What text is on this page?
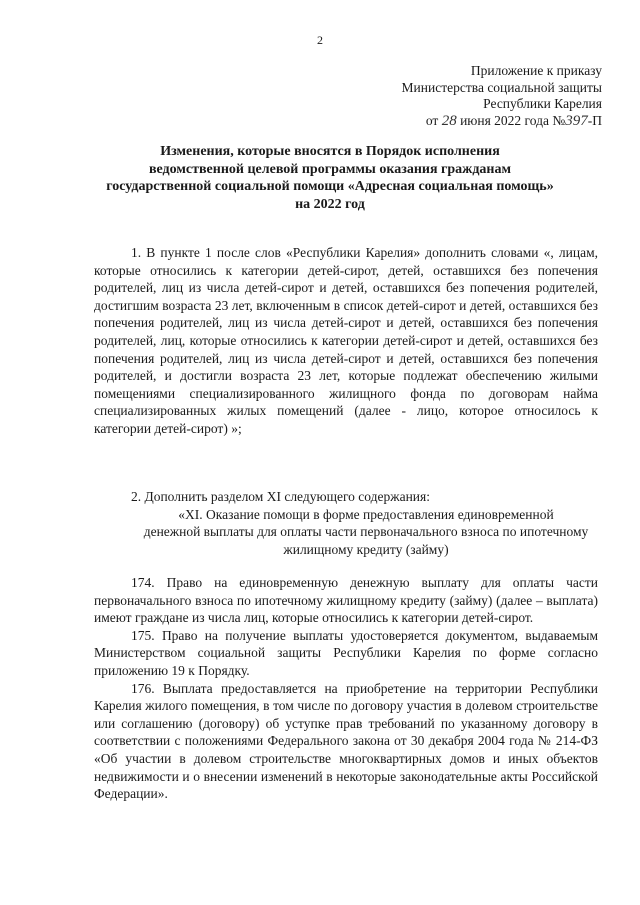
2
Приложение к приказу
Министерства социальной защиты
Республики Карелия
от 28 июня 2022 года №397-П
Изменения, которые вносятся в Порядок исполнения
ведомственной целевой программы оказания гражданам
государственной социальной помощи «Адресная социальная помощь»
на 2022 год

1. В пункте 1 после слов «Республики Карелия» дополнить словами «, лицам, которые относились к категории детей-сирот, детей, оставшихся без попечения родителей, лиц из числа детей-сирот и детей, оставшихся без попечения родителей, достигшим возраста 23 лет, включенным в список детей-сирот и детей, оставшихся без попечения родителей, лиц из числа детей-сирот и детей, оставшихся без попечения родителей, лиц, которые относились к категории детей-сирот и детей, оставшихся без попечения родителей, лиц из числа детей-сирот и детей, оставшихся без попечения родителей, и достигли возраста 23 лет, которые подлежат обеспечению жилыми помещениями специализированного жилищного фонда по договорам найма специализированных жилых помещений (далее - лицо, которое относилось к категории детей-сирот) »;

2. Дополнить разделом XI следующего содержания:

«XI. Оказание помощи в форме предоставления единовременной
денежной выплаты для оплаты части первоначального взноса по ипотечному
жилищному кредиту (займу)

174. Право на единовременную денежную выплату для оплаты части первоначального взноса по ипотечному жилищному кредиту (займу) (далее – выплата) имеют граждане из числа лиц, которые относились к категории детей-сирот.

175. Право на получение выплаты удостоверяется документом, выдаваемым Министерством социальной защиты Республики Карелия по форме согласно приложению 19 к Порядку.

176. Выплата предоставляется на приобретение на территории Республики Карелия жилого помещения, в том числе по договору участия в долевом строительстве или соглашению (договору) об уступке прав требований по указанному договору в соответствии с положениями Федерального закона от 30 декабря 2004 года № 214-ФЗ «Об участии в долевом строительстве многоквартирных домов и иных объектов недвижимости и о внесении изменений в некоторые законодательные акты Российской Федерации».
